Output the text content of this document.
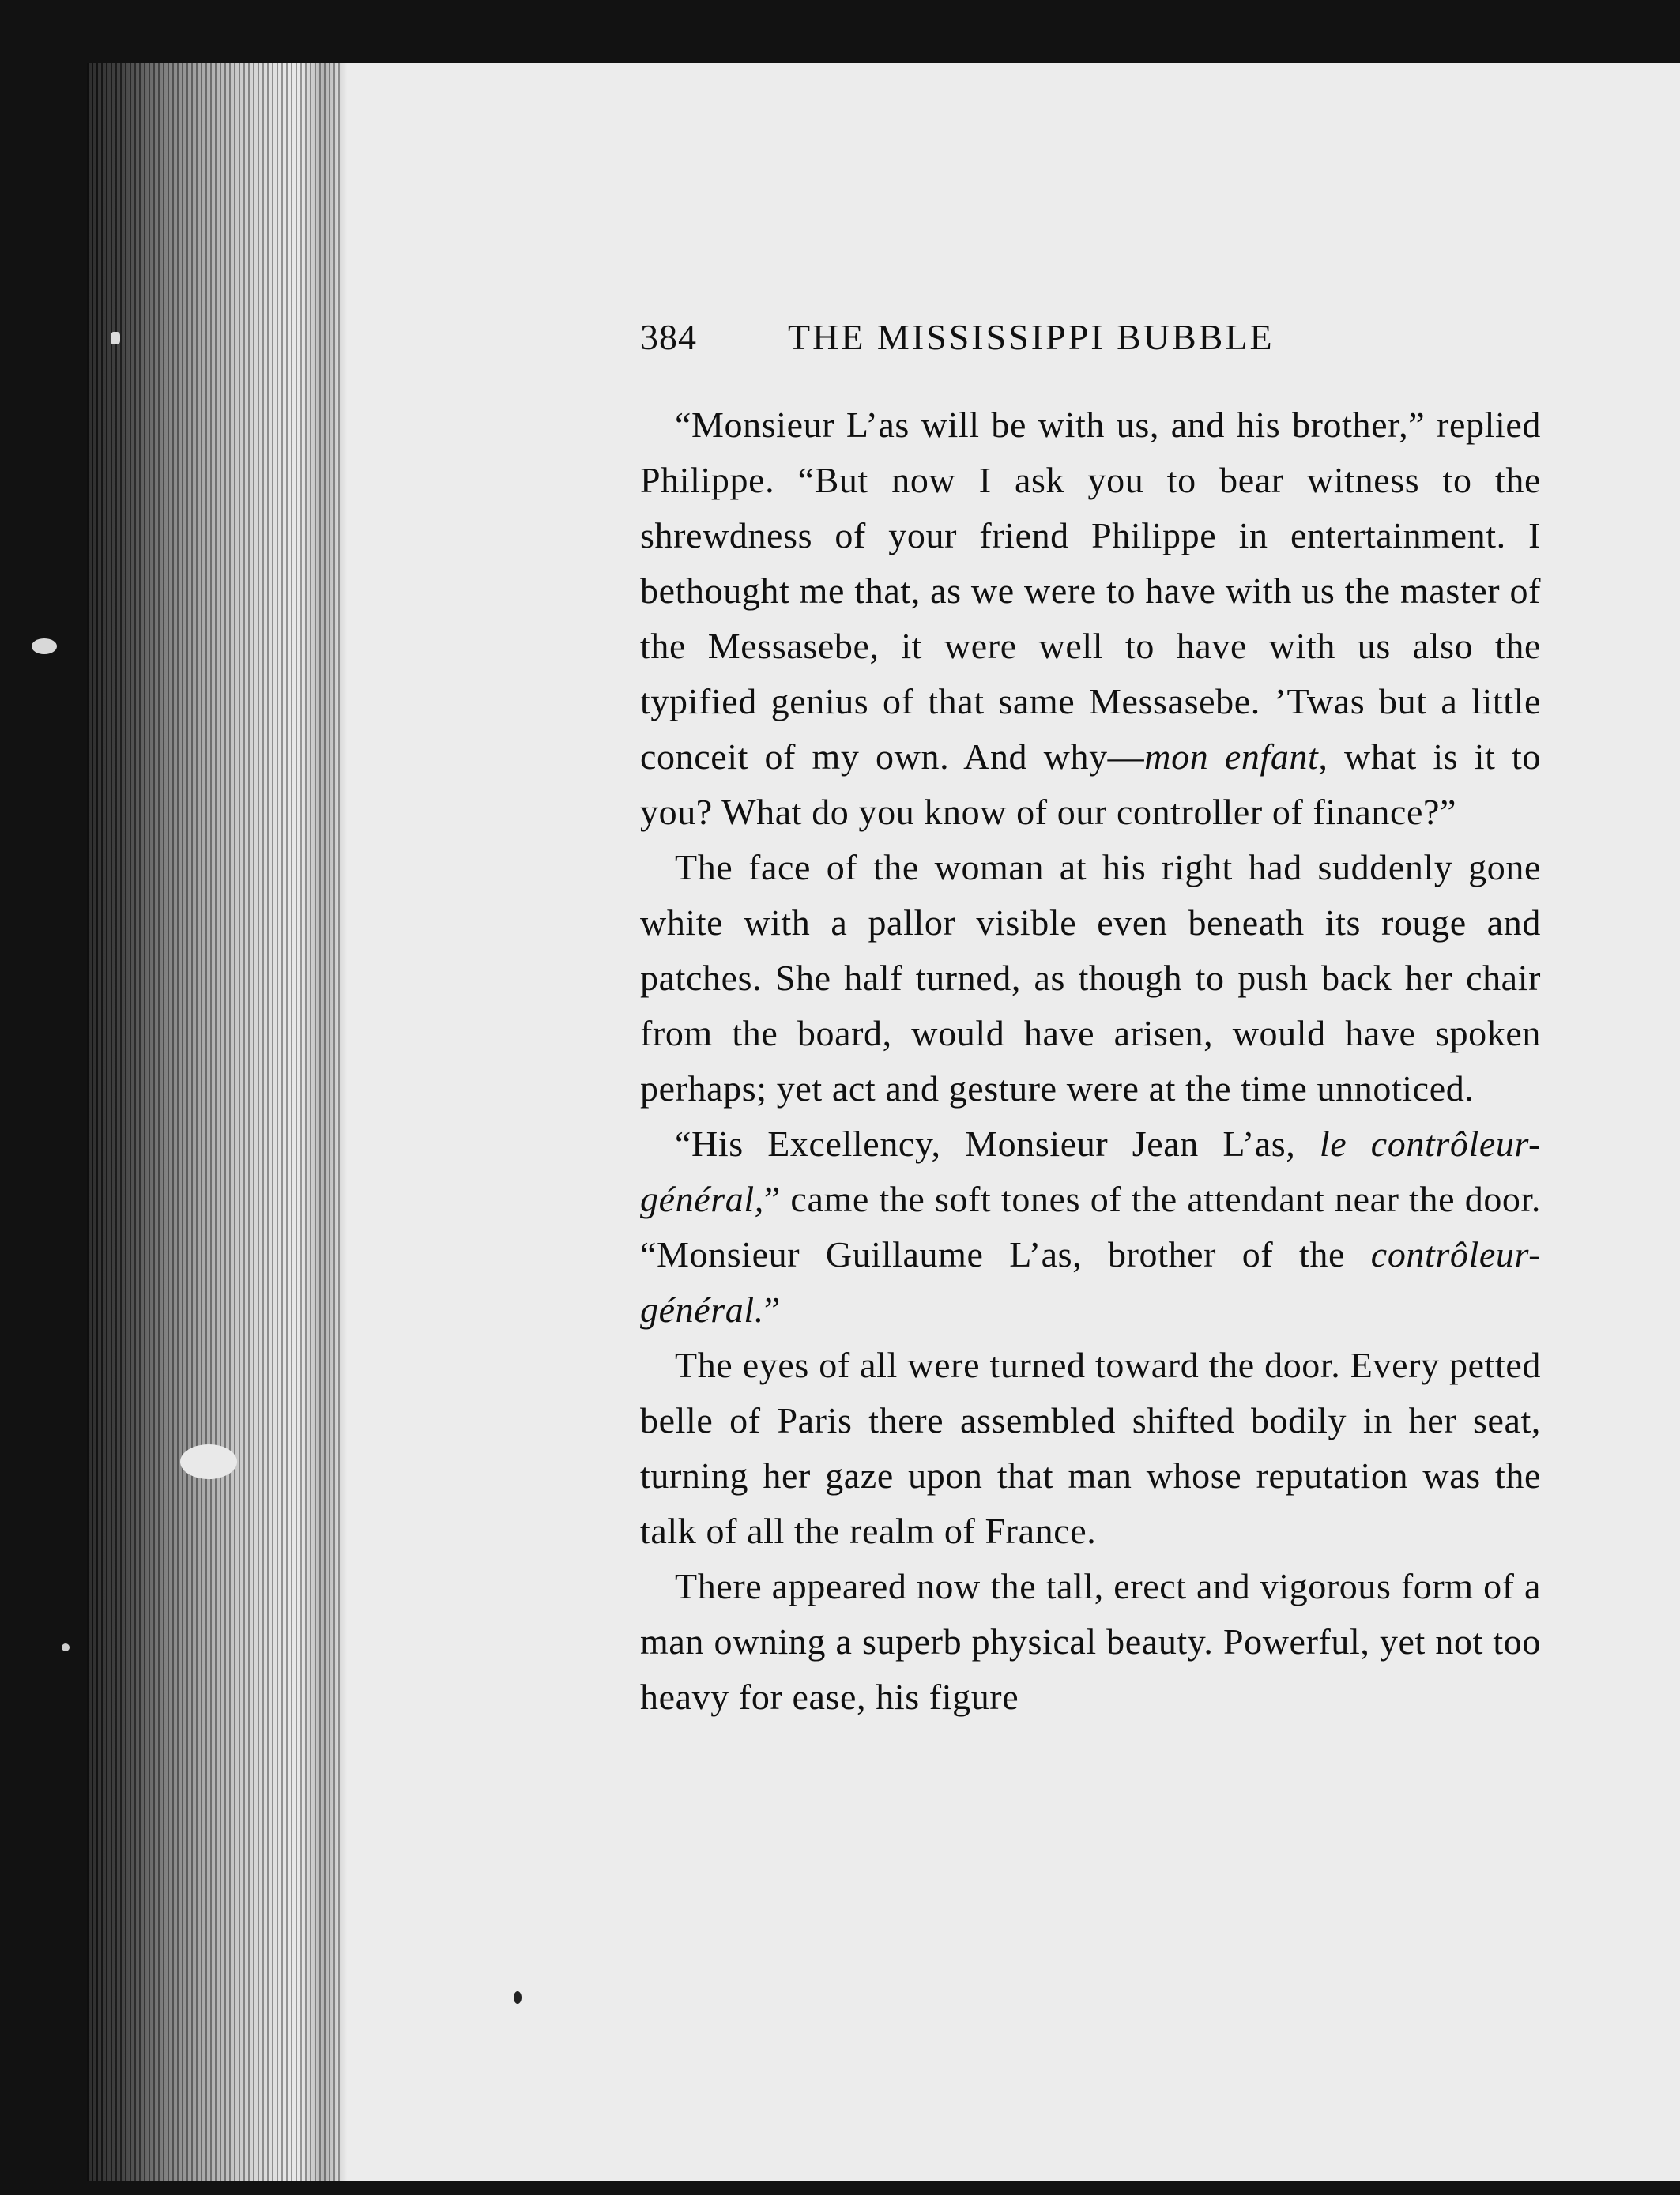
384	THE MISSISSIPPI BUBBLE

“Monsieur L’as will be with us, and his brother,” replied Philippe. “But now I ask you to bear witness to the shrewdness of your friend Philippe in entertainment. I bethought me that, as we were to have with us the master of the Messasebe, it were well to have with us also the typified genius of that same Messasebe. ’Twas but a little conceit of my own. And why—mon enfant, what is it to you? What do you know of our controller of finance?”

The face of the woman at his right had suddenly gone white with a pallor visible even beneath its rouge and patches. She half turned, as though to push back her chair from the board, would have arisen, would have spoken perhaps; yet act and gesture were at the time unnoticed.

“His Excellency, Monsieur Jean L’as, le contrôleur-général,” came the soft tones of the attendant near the door. “Monsieur Guillaume L’as, brother of the contrôleur-général.”

The eyes of all were turned toward the door. Every petted belle of Paris there assembled shifted bodily in her seat, turning her gaze upon that man whose reputation was the talk of all the realm of France.

There appeared now the tall, erect and vigorous form of a man owning a superb physical beauty. Powerful, yet not too heavy for ease, his figure
